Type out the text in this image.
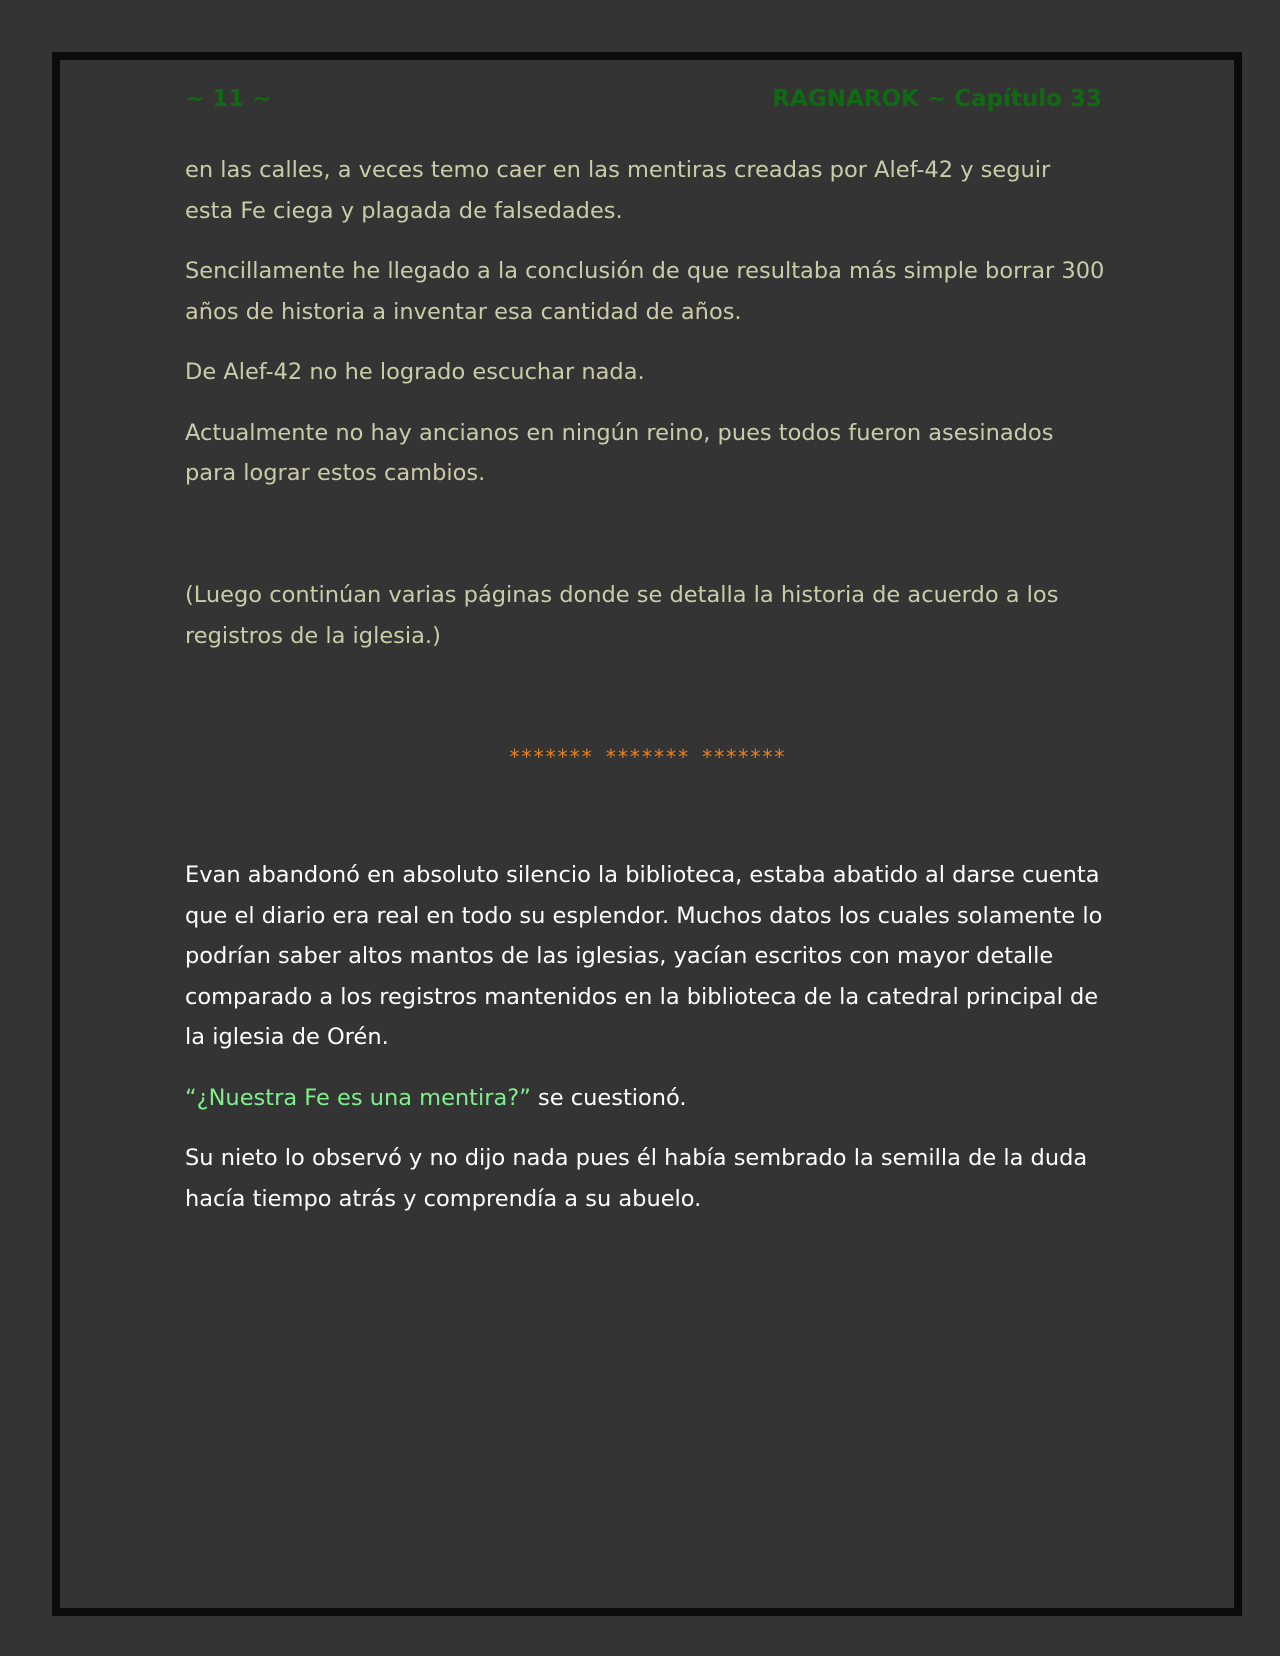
~ 11 ~	RAGNAROK ~ Capítulo 33

en las calles, a veces temo caer en las mentiras creadas por Alef-42 y seguir esta Fe ciega y plagada de falsedades.

Sencillamente he llegado a la conclusión de que resultaba más simple borrar 300 años de historia a inventar esa cantidad de años.

De Alef-42 no he logrado escuchar nada.

Actualmente no hay ancianos en ningún reino, pues todos fueron asesinados para lograr estos cambios.

(Luego continúan varias páginas donde se detalla la historia de acuerdo a los registros de la iglesia.)

******* ******* *******

Evan abandonó en absoluto silencio la biblioteca, estaba abatido al darse cuenta que el diario era real en todo su esplendor. Muchos datos los cuales solamente lo podrían saber altos mantos de las iglesias, yacían escritos con mayor detalle comparado a los registros mantenidos en la biblioteca de la catedral principal de la iglesia de Orén.

“¿Nuestra Fe es una mentira?” se cuestionó.

Su nieto lo observó y no dijo nada pues él había sembrado la semilla de la duda hacía tiempo atrás y comprendía a su abuelo.
